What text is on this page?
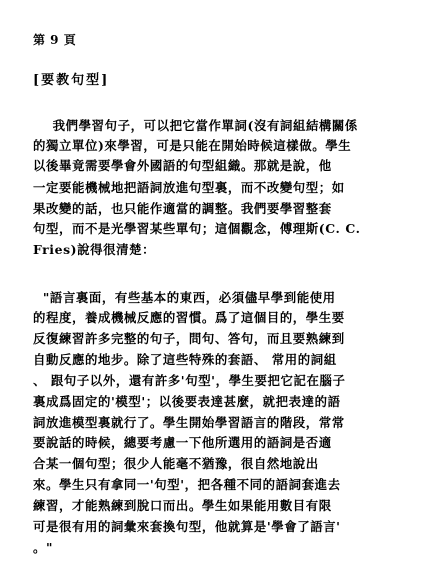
第 9 頁
[要教句型]
我們學習句子，可以把它當作單詞(沒有詞組結構關係
的獨立單位)來學習，可是只能在開始時候這樣做。學生
以後畢竟需要學會外國語的句型組織。那就是說，他
一定要能機械地把語詞放進句型裏，而不改變句型；如
果改變的話，也只能作適當的調整。我們要學習整套
句型，而不是光學習某些單句；這個觀念，傅理斯(C. C.
Fries)說得很清楚：
"語言裏面，有些基本的東西，必須儘早學到能使用
的程度，養成機械反應的習慣。爲了這個目的，學生要
反復練習許多完整的句子，問句、答句，而且要熟練到
自動反應的地步。除了這些特殊的套語、 常用的詞組
、 跟句子以外，還有許多'句型'，學生要把它記在腦子
裏成爲固定的'模型'；以後要表達甚麼，就把表達的語
詞放進模型裏就行了。學生開始學習語言的階段，常常
要說話的時候，總要考慮一下他所選用的語詞是否適
合某一個句型；很少人能毫不猶豫，很自然地說出
來。學生只有拿同一'句型'，把各種不同的語詞套進去
練習，才能熟練到脫口而出。學生如果能用數目有限
可是很有用的詞彙來套換句型，他就算是'學會了語言'
。"
